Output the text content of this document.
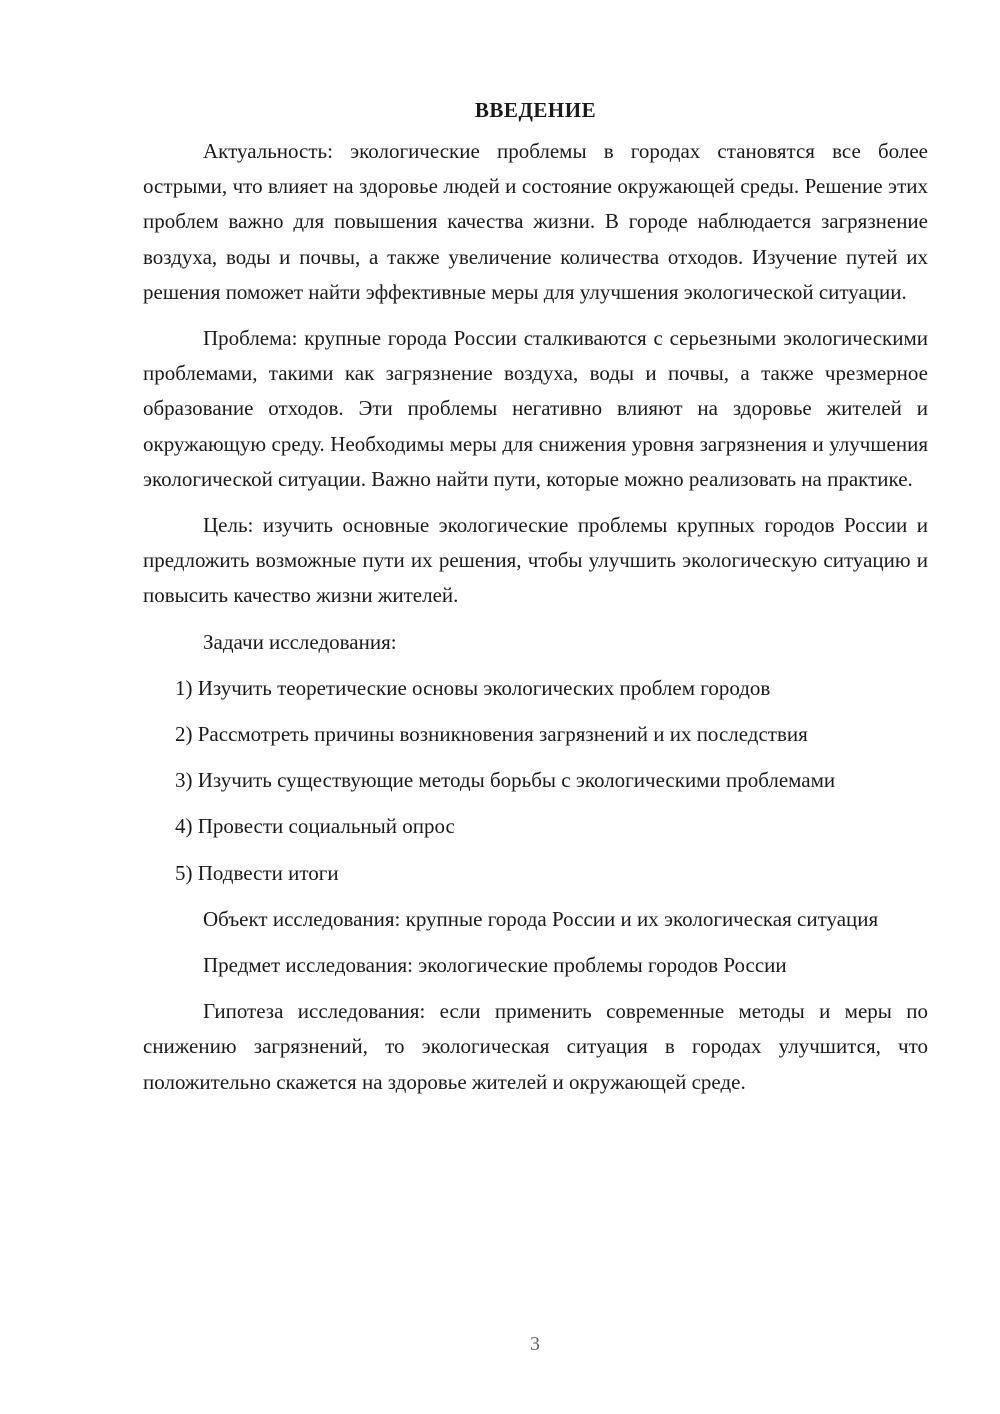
ВВЕДЕНИЕ

Актуальность: экологические проблемы в городах становятся все более острыми, что влияет на здоровье людей и состояние окружающей среды. Решение этих проблем важно для повышения качества жизни. В городе наблюдается загрязнение воздуха, воды и почвы, а также увеличение количества отходов. Изучение путей их решения поможет найти эффективные меры для улучшения экологической ситуации.

Проблема: крупные города России сталкиваются с серьезными экологическими проблемами, такими как загрязнение воздуха, воды и почвы, а также чрезмерное образование отходов. Эти проблемы негативно влияют на здоровье жителей и окружающую среду. Необходимы меры для снижения уровня загрязнения и улучшения экологической ситуации. Важно найти пути, которые можно реализовать на практике.

Цель: изучить основные экологические проблемы крупных городов России и предложить возможные пути их решения, чтобы улучшить экологическую ситуацию и повысить качество жизни жителей.

Задачи исследования:

1) Изучить теоретические основы экологических проблем городов

2) Рассмотреть причины возникновения загрязнений и их последствия

3) Изучить существующие методы борьбы с экологическими проблемами

4) Провести социальный опрос

5) Подвести итоги

Объект исследования: крупные города России и их экологическая ситуация

Предмет исследования: экологические проблемы городов России

Гипотеза исследования: если применить современные методы и меры по снижению загрязнений, то экологическая ситуация в городах улучшится, что положительно скажется на здоровье жителей и окружающей среде.

3
